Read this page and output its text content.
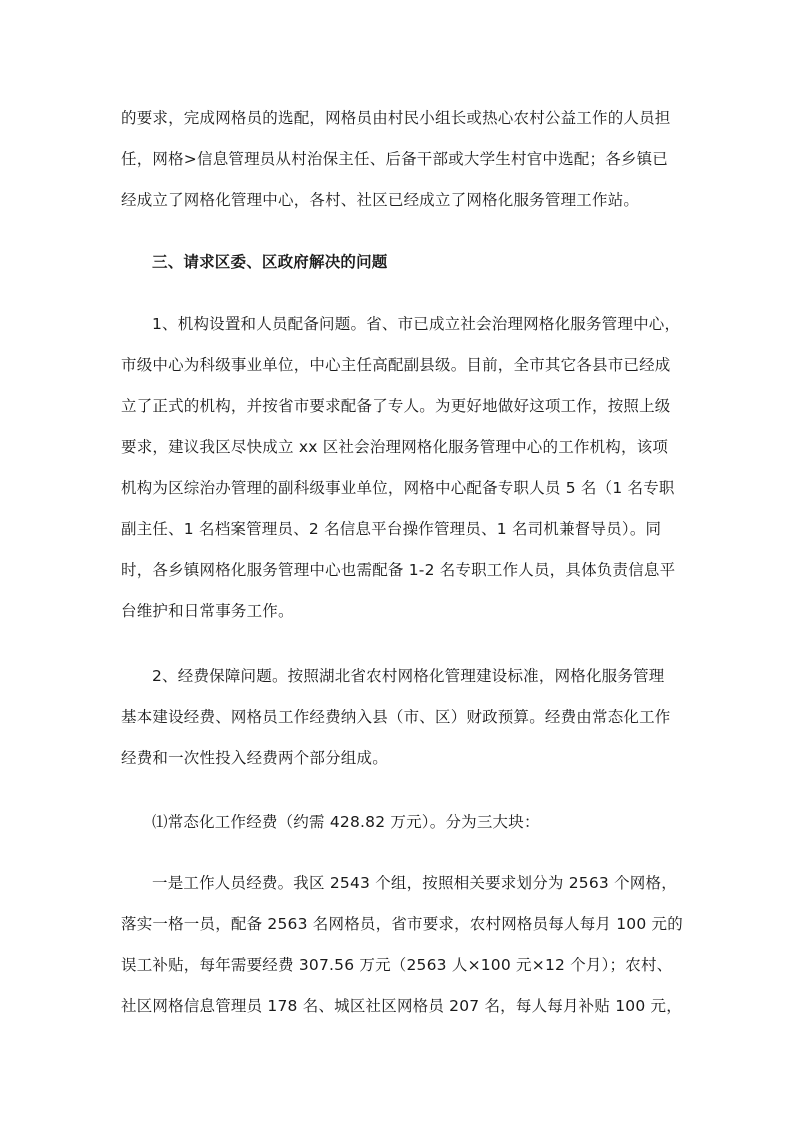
的要求，完成网格员的选配，网格员由村民小组长或热心农村公益工作的人员担
任，网格>信息管理员从村治保主任、后备干部或大学生村官中选配；各乡镇已
经成立了网格化管理中心，各村、社区已经成立了网格化服务管理工作站。
三、请求区委、区政府解决的问题
1、机构设置和人员配备问题。省、市已成立社会治理网格化服务管理中心，
市级中心为科级事业单位，中心主任高配副县级。目前，全市其它各县市已经成
立了正式的机构，并按省市要求配备了专人。为更好地做好这项工作，按照上级
要求，建议我区尽快成立 xx 区社会治理网格化服务管理中心的工作机构，该项
机构为区综治办管理的副科级事业单位，网格中心配备专职人员 5 名（1 名专职
副主任、1 名档案管理员、2 名信息平台操作管理员、1 名司机兼督导员）。同
时，各乡镇网格化服务管理中心也需配备 1-2 名专职工作人员，具体负责信息平
台维护和日常事务工作。
2、经费保障问题。按照湖北省农村网格化管理建设标准，网格化服务管理
基本建设经费、网格员工作经费纳入县（市、区）财政预算。经费由常态化工作
经费和一次性投入经费两个部分组成。
⑴常态化工作经费（约需 428.82 万元）。分为三大块：
一是工作人员经费。我区 2543 个组，按照相关要求划分为 2563 个网格，
落实一格一员，配备 2563 名网格员，省市要求，农村网格员每人每月 100 元的
误工补贴，每年需要经费 307.56 万元（2563 人×100 元×12 个月）；农村、
社区网格信息管理员 178 名、城区社区网格员 207 名，每人每月补贴 100 元，
